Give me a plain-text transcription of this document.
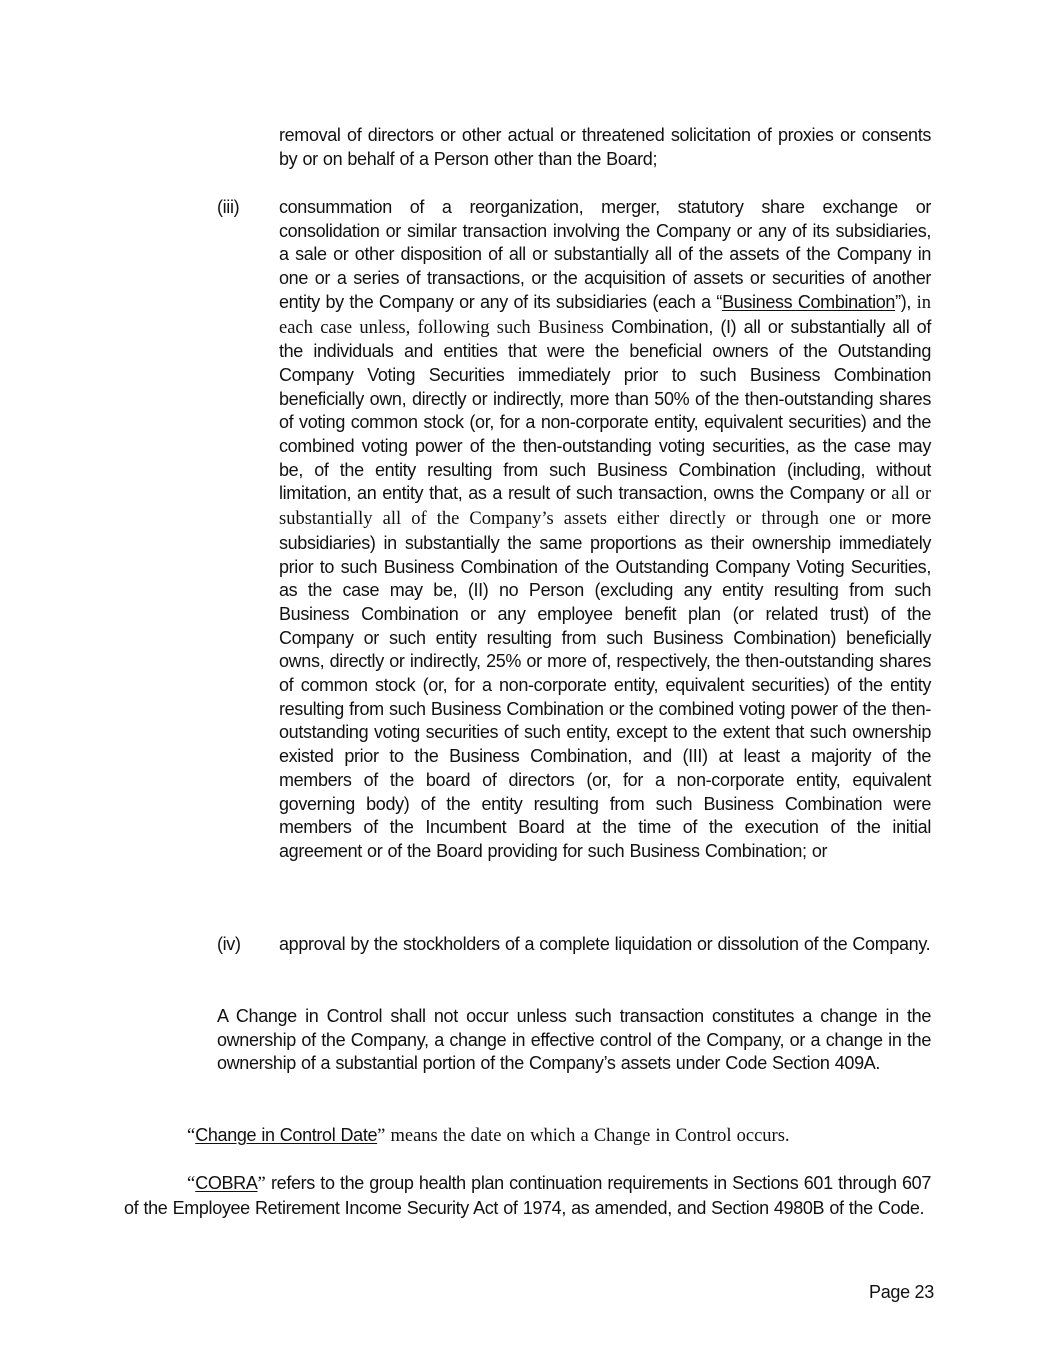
removal of directors or other actual or threatened solicitation of proxies or consents by or on behalf of a Person other than the Board;
(iii) consummation of a reorganization, merger, statutory share exchange or consolidation or similar transaction involving the Company or any of its subsidiaries, a sale or other disposition of all or substantially all of the assets of the Company in one or a series of transactions, or the acquisition of assets or securities of another entity by the Company or any of its subsidiaries (each a “Business Combination”), in each case unless, following such Business Combination, (I) all or substantially all of the individuals and entities that were the beneficial owners of the Outstanding Company Voting Securities immediately prior to such Business Combination beneficially own, directly or indirectly, more than 50% of the then-outstanding shares of voting common stock (or, for a non-corporate entity, equivalent securities) and the combined voting power of the then-outstanding voting securities, as the case may be, of the entity resulting from such Business Combination (including, without limitation, an entity that, as a result of such transaction, owns the Company or all or substantially all of the Company’s assets either directly or through one or more subsidiaries) in substantially the same proportions as their ownership immediately prior to such Business Combination of the Outstanding Company Voting Securities, as the case may be, (II) no Person (excluding any entity resulting from such Business Combination or any employee benefit plan (or related trust) of the Company or such entity resulting from such Business Combination) beneficially owns, directly or indirectly, 25% or more of, respectively, the then-outstanding shares of common stock (or, for a non-corporate entity, equivalent securities) of the entity resulting from such Business Combination or the combined voting power of the then-outstanding voting securities of such entity, except to the extent that such ownership existed prior to the Business Combination, and (III) at least a majority of the members of the board of directors (or, for a non-corporate entity, equivalent governing body) of the entity resulting from such Business Combination were members of the Incumbent Board at the time of the execution of the initial agreement or of the Board providing for such Business Combination; or
(iv) approval by the stockholders of a complete liquidation or dissolution of the Company.
A Change in Control shall not occur unless such transaction constitutes a change in the ownership of the Company, a change in effective control of the Company, or a change in the ownership of a substantial portion of the Company’s assets under Code Section 409A.
“Change in Control Date” means the date on which a Change in Control occurs.
“COBRA” refers to the group health plan continuation requirements in Sections 601 through 607 of the Employee Retirement Income Security Act of 1974, as amended, and Section 4980B of the Code.
Page 23
